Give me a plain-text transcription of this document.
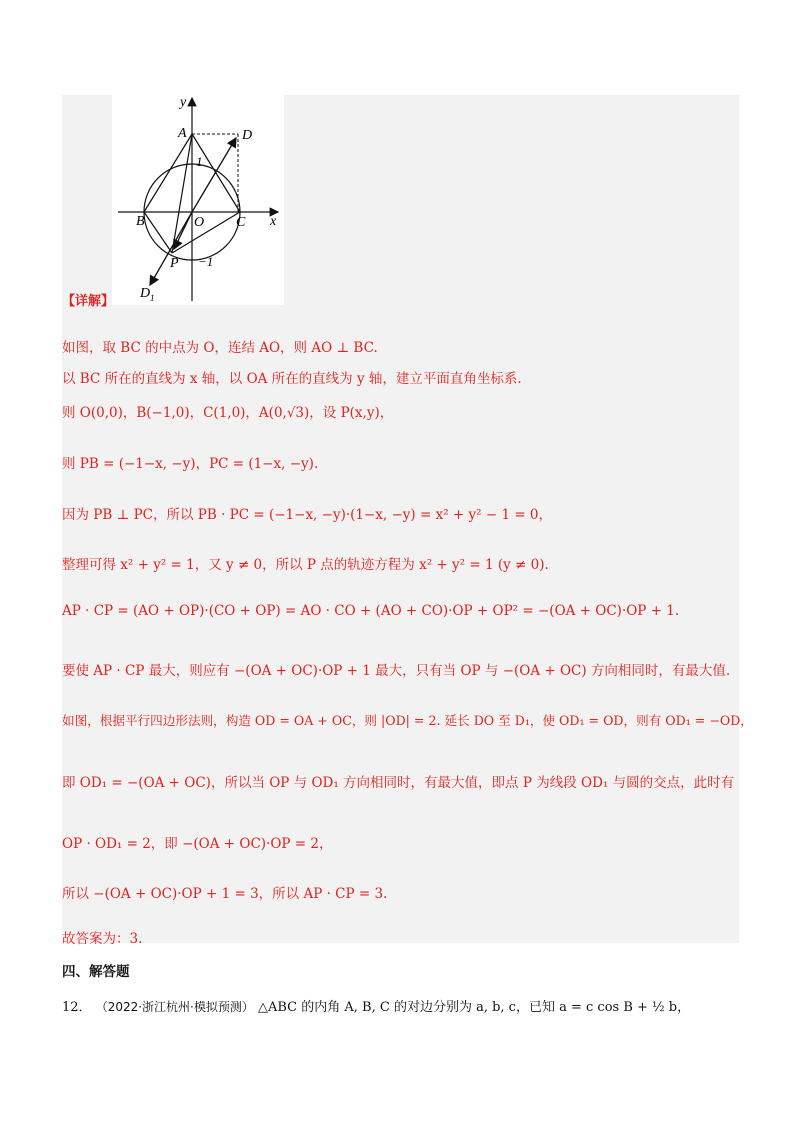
y
x
A	D
B	O C
P
D 1
1
−1
【详解】
如图，取 BC 的中点为 O，连结 AO，则 AO ⊥ BC.
以 BC 所在的直线为 x 轴，以 OA 所在的直线为 y 轴，建立平面直角坐标系.
则 O(0,0)，B(−1,0)，C(1,0)，A(0,√3)，设 P(x,y)，
则 PB = (−1−x, −y)，PC = (1−x, −y).
因为 PB ⊥ PC，所以 PB · PC = (−1−x, −y)·(1−x, −y) = x² + y² − 1 = 0，
整理可得 x² + y² = 1，又 y ≠ 0，所以 P 点的轨迹方程为 x² + y² = 1 (y ≠ 0).
AP · CP = (AO + OP)·(CO + OP) = AO · CO + (AO + CO)·OP + OP² = −(OA + OC)·OP + 1.
要使 AP · CP 最大，则应有 −(OA + OC)·OP + 1 最大，只有当 OP 与 −(OA + OC) 方向相同时，有最大值.
如图，根据平行四边形法则，构造 OD = OA + OC，则 |OD| = 2. 延长 DO 至 D₁，使 OD₁ = OD，则有 OD₁ = −OD，
即 OD₁ = −(OA + OC)，所以当 OP 与 OD₁ 方向相同时，有最大值，即点 P 为线段 OD₁ 与圆的交点，此时有
OP · OD₁ = 2，即 −(OA + OC)·OP = 2，
所以 −(OA + OC)·OP + 1 = 3，所以 AP · CP = 3.
故答案为：3.
四、解答题
12． （2022·浙江杭州·模拟预测） △ABC 的内角 A, B, C 的对边分别为 a, b, c，已知 a = c cos B + ½ b，
